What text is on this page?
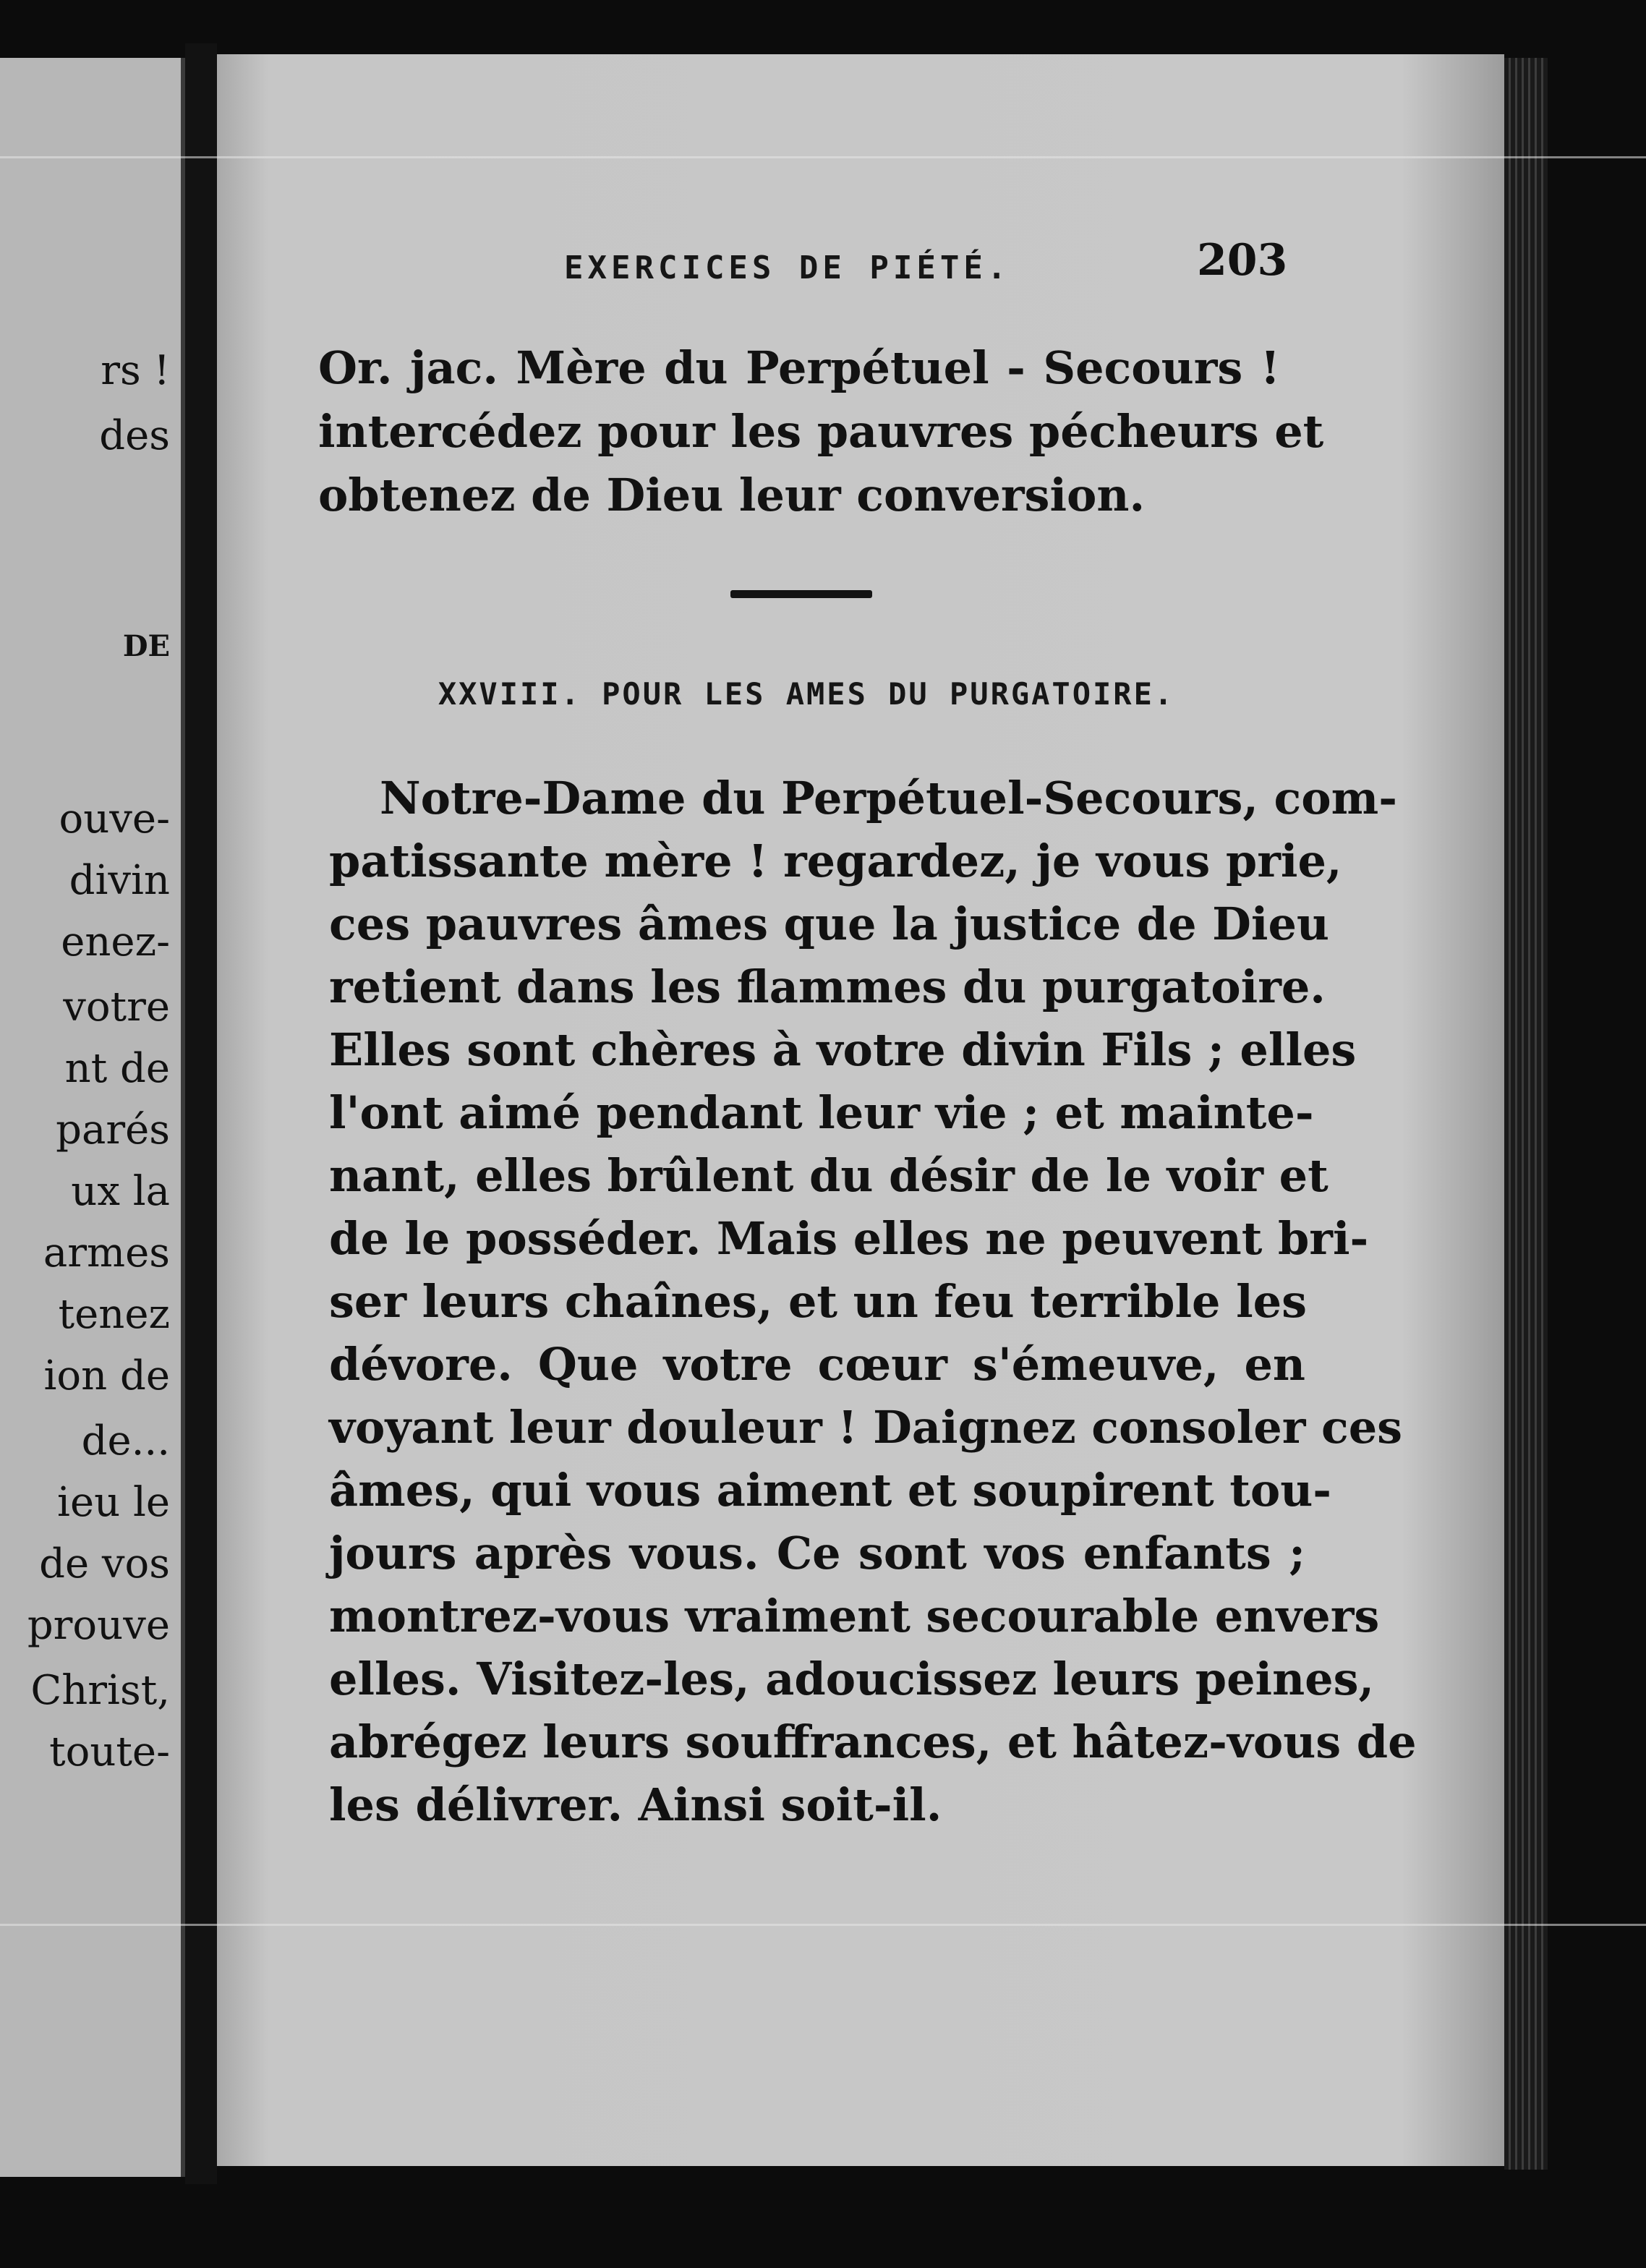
rs !
des
DE
ouve-
divin
enez-
votre
nt de
parés
ux la
armes
tenez
ion de
de...
ieu le
de vos
prouve
Christ,
toute-
EXERCICES DE PIÉTÉ.	203
Or. jac. Mère du Perpétuel - Secours !
intercédez pour les pauvres pécheurs et
obtenez de Dieu leur conversion.
XXVIII. POUR LES AMES DU PURGATOIRE.
Notre-Dame du Perpétuel-Secours, com-
patissante mère ! regardez, je vous prie,
ces pauvres âmes que la justice de Dieu
retient dans les flammes du purgatoire.
Elles sont chères à votre divin Fils ; elles
l'ont aimé pendant leur vie ; et mainte-
nant, elles brûlent du désir de le voir et
de le posséder. Mais elles ne peuvent bri-
ser leurs chaînes, et un feu terrible les
dévore. Que votre cœur s'émeuve, en
voyant leur douleur ! Daignez consoler ces
âmes, qui vous aiment et soupirent tou-
jours après vous. Ce sont vos enfants ;
montrez-vous vraiment secourable envers
elles. Visitez-les, adoucissez leurs peines,
abrégez leurs souffrances, et hâtez-vous de
les délivrer. Ainsi soit-il.
